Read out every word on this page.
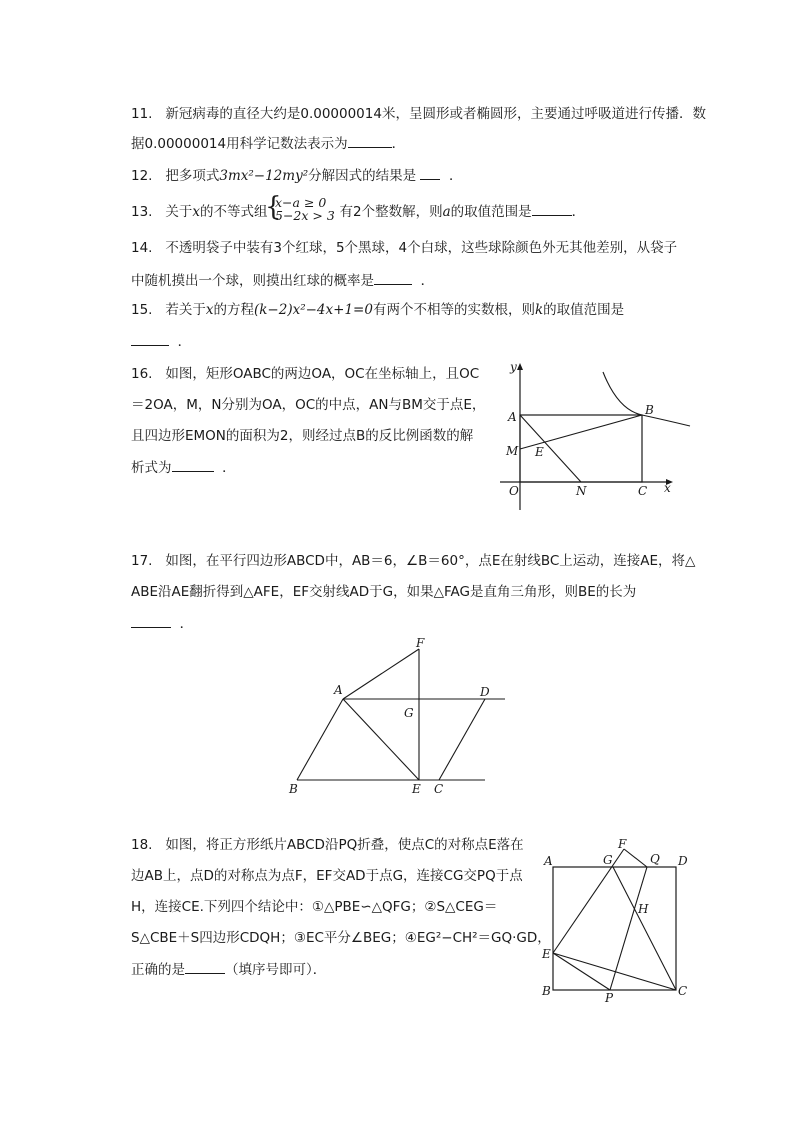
11. 新冠病毒的直径大约是0.00000014米，呈圆形或者椭圆形，主要通过呼吸道进行传播．数
据0.00000014用科学记数法表示为	．
12. 把多项式3mx²−12my²分解因式的结果是 ．
13. 关于x的不等式组	有2个整数解，则a的取值范围是	．
{
x−a ≥ 0
5−2x > 3
14. 不透明袋子中装有3个红球，5个黑球，4个白球，这些球除颜色外无其他差别，从袋子
中随机摸出一个球，则摸出红球的概率是	．
15. 若关于x的方程(k−2)x²−4x+1=0有两个不相等的实数根，则k的取值范围是
．
16. 如图，矩形OABC的两边OA，OC在坐标轴上，且OC
＝2OA，M，N分别为OA，OC的中点，AN与BM交于点E，
且四边形EMON的面积为2，则经过点B的反比例函数的解
析式为	．
y
x
A	B
M E
O	N	C
17. 如图，在平行四边形ABCD中，AB＝6，∠B＝60°，点E在射线BC上运动，连接AE，将△
ABE沿AE翻折得到△AFE，EF交射线AD于G，如果△FAG是直角三角形，则BE的长为
．
F
A	D
G
B	E C
18. 如图，将正方形纸片ABCD沿PQ折叠，使点C的对称点E落在
边AB上，点D的对称点为点F，EF交AD于点G，连接CG交PQ于点
H，连接CE.下列四个结论中：①△PBE∽△QFG；②S△CEG＝
S△CBE＋S四边形CDQH；③EC平分∠BEG；④EG²−CH²＝GQ·GD，
正确的是	（填序号即可）．
A	G
F
Q D
H
E
B	P	C
